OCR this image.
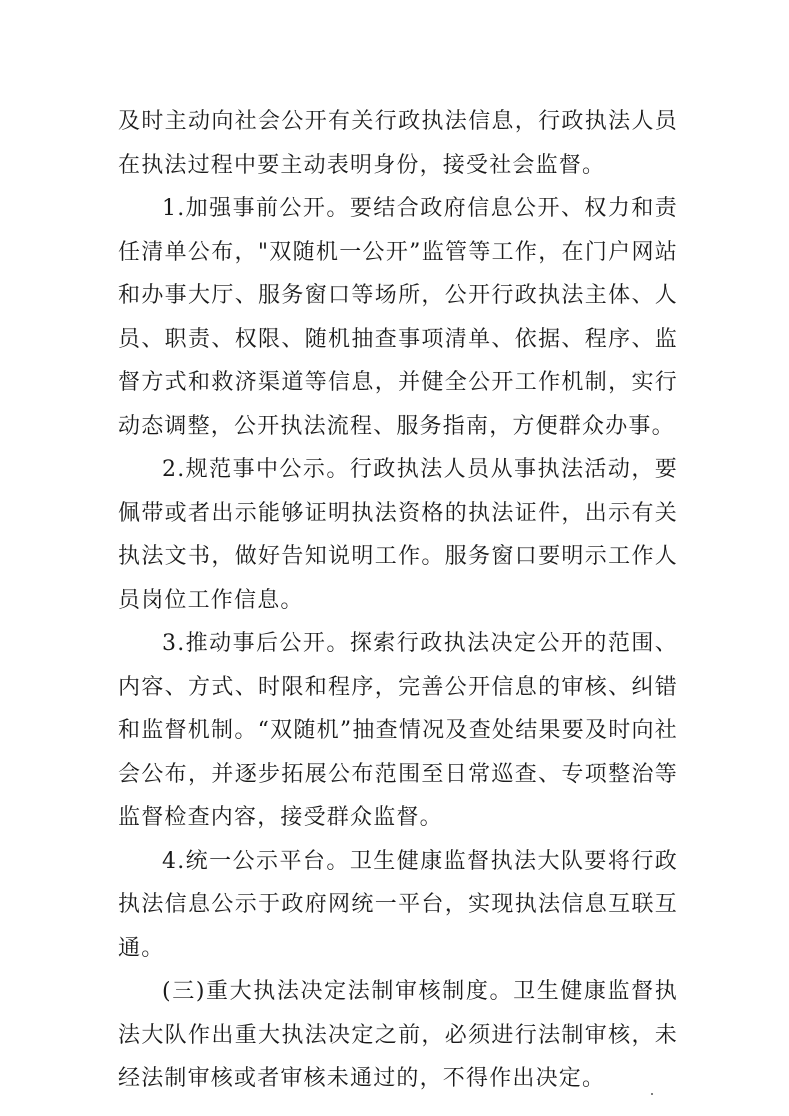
及时主动向社会公开有关行政执法信息，行政执法人员在执法过程中要主动表明身份，接受社会监督。

1.加强事前公开。要结合政府信息公开、权力和责任清单公布，"双随机一公开”监管等工作，在门户网站和办事大厅、服务窗口等场所，公开行政执法主体、人员、职责、权限、随机抽查事项清单、依据、程序、监督方式和救济渠道等信息，并健全公开工作机制，实行动态调整，公开执法流程、服务指南，方便群众办事。

2.规范事中公示。行政执法人员从事执法活动，要佩带或者出示能够证明执法资格的执法证件，出示有关执法文书，做好告知说明工作。服务窗口要明示工作人员岗位工作信息。

3.推动事后公开。探索行政执法决定公开的范围、内容、方式、时限和程序，完善公开信息的审核、纠错和监督机制。“双随机”抽查情况及查处结果要及时向社会公布，并逐步拓展公布范围至日常巡查、专项整治等监督检查内容，接受群众监督。

4.统一公示平台。卫生健康监督执法大队要将行政执法信息公示于政府网统一平台，实现执法信息互联互通。

(三)重大执法决定法制审核制度。卫生健康监督执法大队作出重大执法决定之前，必须进行法制审核，未经法制审核或者审核未通过的，不得作出决定。
